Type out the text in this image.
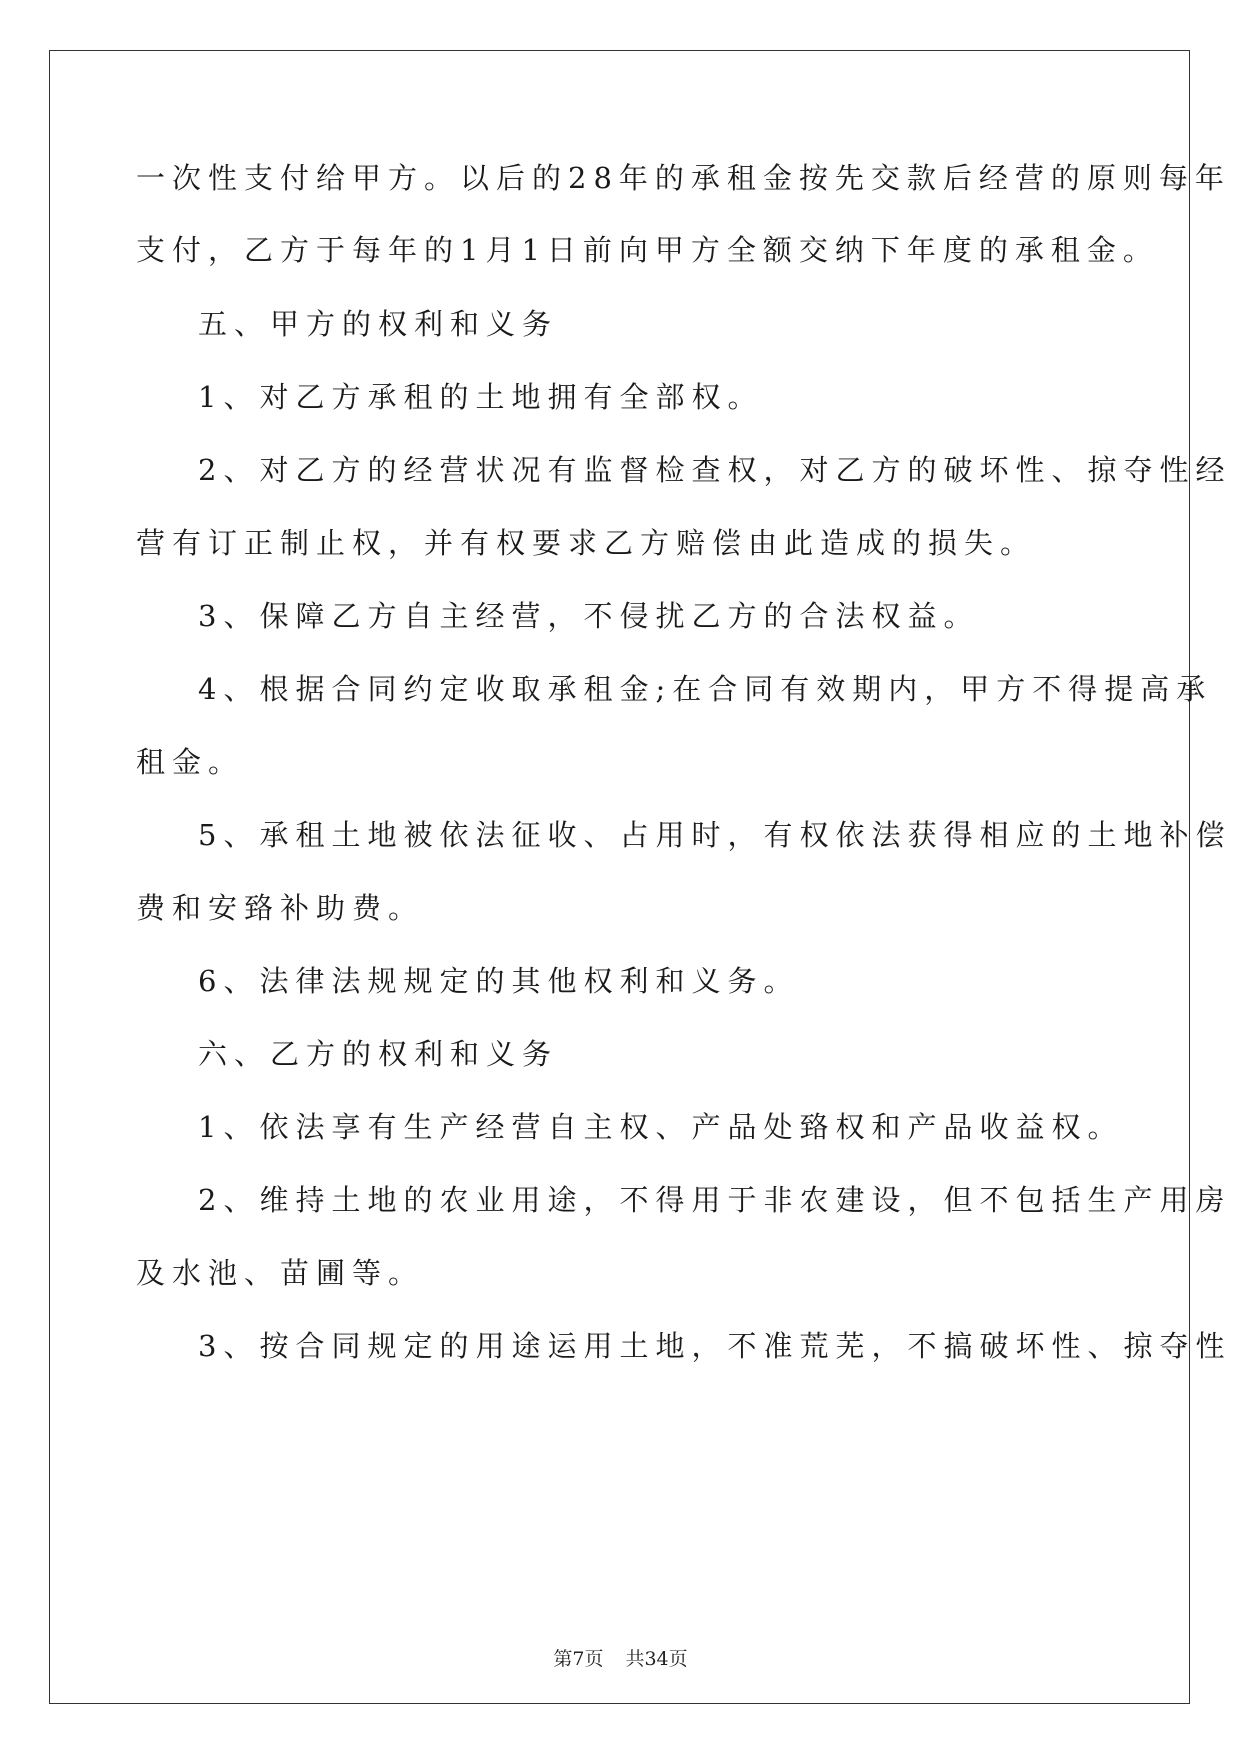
一次性支付给甲方。以后的28年的承租金按先交款后经营的原则每年
支付，乙方于每年的1月1日前向甲方全额交纳下年度的承租金。
五、甲方的权利和义务
1、对乙方承租的土地拥有全部权。
2、对乙方的经营状况有监督检查权，对乙方的破坏性、掠夺性经
营有订正制止权，并有权要求乙方赔偿由此造成的损失。
3、保障乙方自主经营，不侵扰乙方的合法权益。
4、根据合同约定收取承租金;在合同有效期内，甲方不得提高承
租金。
5、承租土地被依法征收、占用时，有权依法获得相应的土地补偿
费和安臵补助费。
6、法律法规规定的其他权利和义务。
六、乙方的权利和义务
1、依法享有生产经营自主权、产品处臵权和产品收益权。
2、维持土地的农业用途，不得用于非农建设，但不包括生产用房
及水池、苗圃等。
3、按合同规定的用途运用土地，不准荒芜，不搞破坏性、掠夺性
第7页 共34页
